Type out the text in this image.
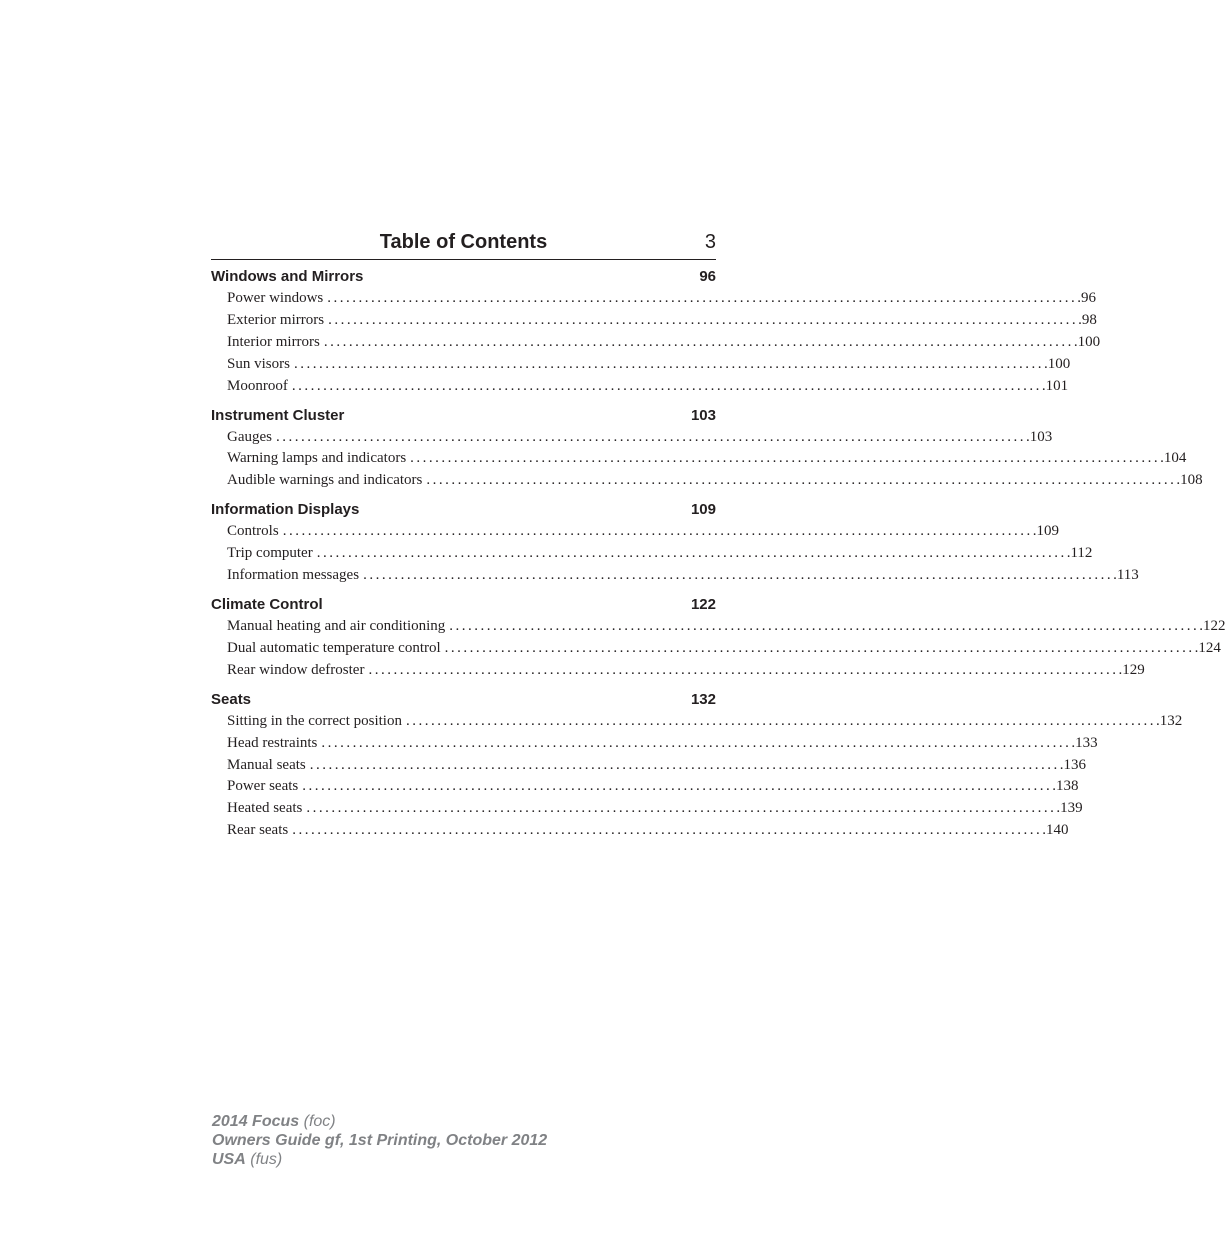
Table of Contents	3
Windows and Mirrors	96
Power windows ........................................................................................................................ .96
Exterior mirrors ........................................................................................................................ .98
Interior mirrors ........................................................................................................................ .100
Sun visors ........................................................................................................................ .100
Moonroof ........................................................................................................................ .101
Instrument Cluster	103
Gauges ........................................................................................................................ .103
Warning lamps and indicators ........................................................................................................................ .104
Audible warnings and indicators ........................................................................................................................ .108
Information Displays	109
Controls ........................................................................................................................ .109
Trip computer ........................................................................................................................ .112
Information messages ........................................................................................................................ .113
Climate Control	122
Manual heating and air conditioning ........................................................................................................................ .122
Dual automatic temperature control ........................................................................................................................ .124
Rear window defroster ........................................................................................................................ .129
Seats	132
Sitting in the correct position ........................................................................................................................ .132
Head restraints ........................................................................................................................ .133
Manual seats ........................................................................................................................ .136
Power seats ........................................................................................................................ .138
Heated seats ........................................................................................................................ .139
Rear seats ........................................................................................................................ .140
2014 Focus (foc)
Owners Guide gf, 1st Printing, October 2012
USA (fus)
